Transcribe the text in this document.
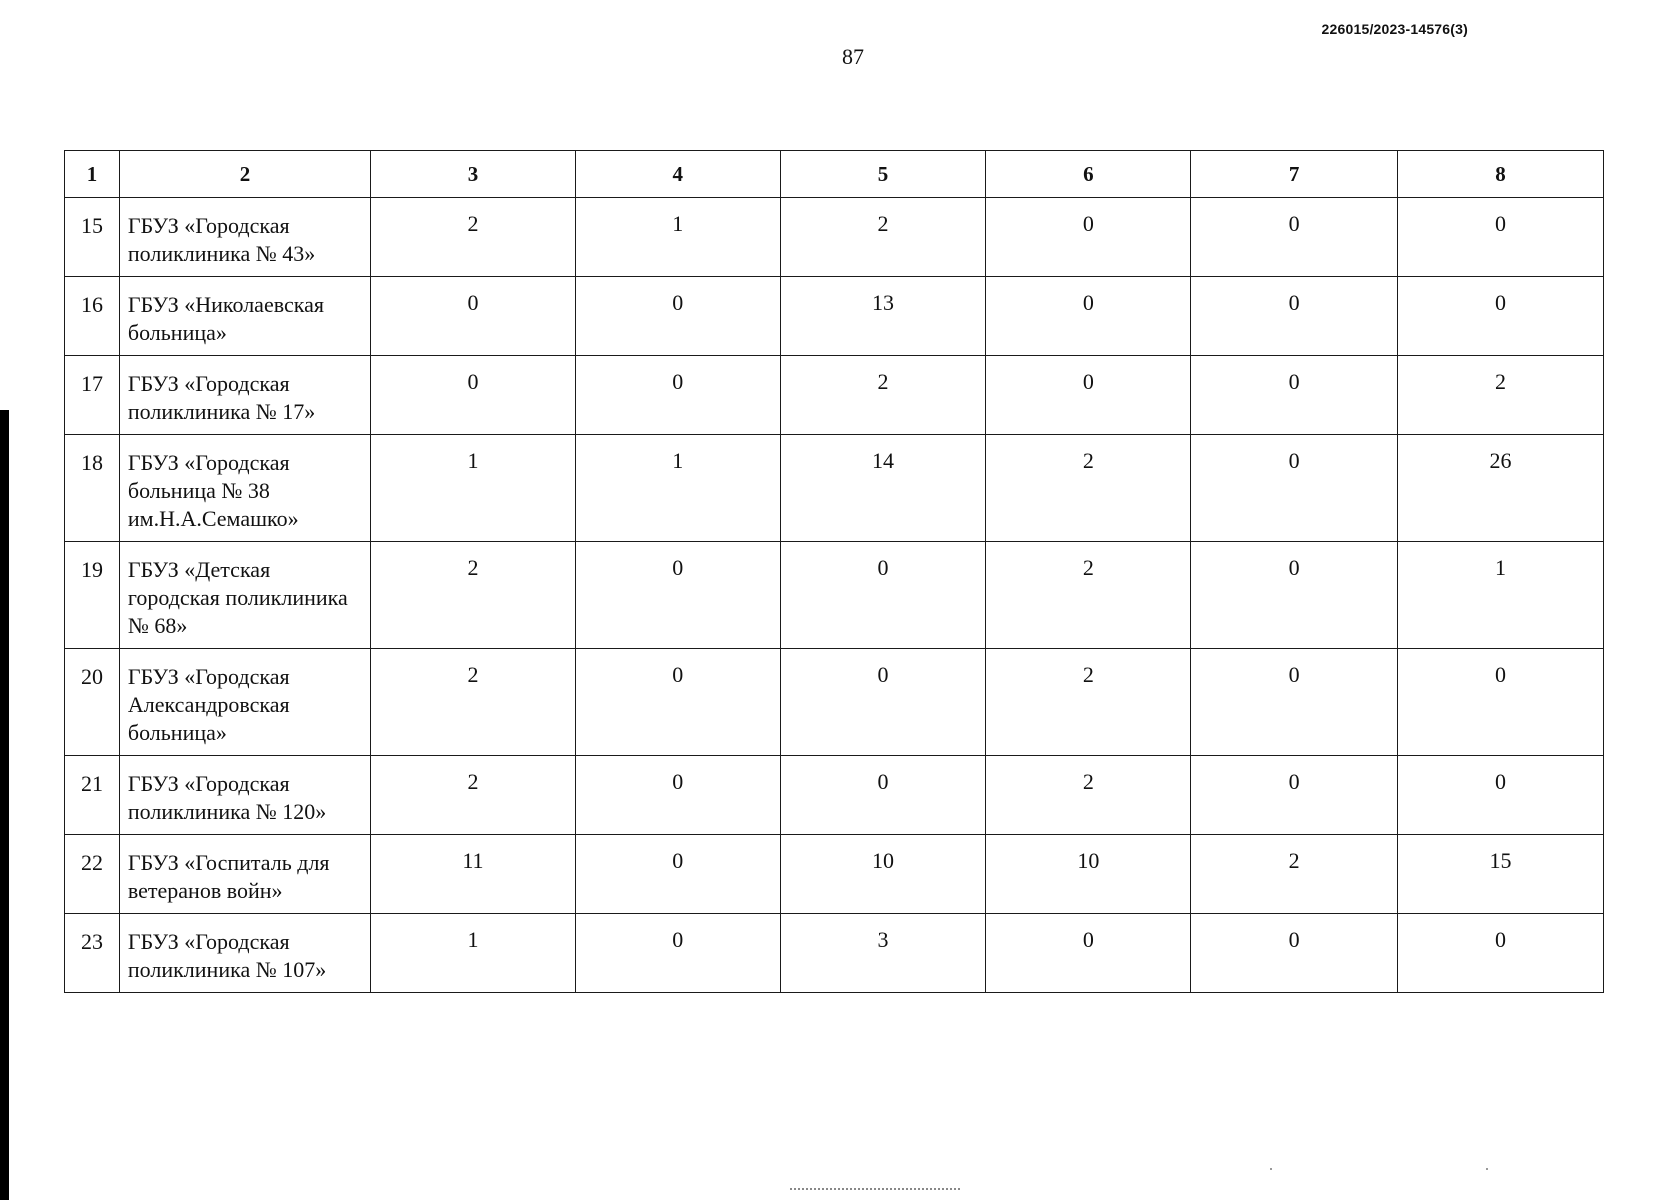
226015/2023-14576(3)
87
1	2	3	4	5	6	7	8
15	ГБУЗ «Городская поликлиника № 43»	2	1	2	0	0	0
16	ГБУЗ «Николаевская больница»	0	0	13	0	0	0
17	ГБУЗ «Городская поликлиника № 17»	0	0	2	0	0	2
18	ГБУЗ «Городская больница № 38 им.Н.А.Семашко»	1	1	14	2	0	26
19	ГБУЗ «Детская городская поликлиника № 68»	2	0	0	2	0	1
20	ГБУЗ «Городская Александровская больница»	2	0	0	2	0	0
21	ГБУЗ «Городская поликлиника № 120»	2	0	0	2	0	0
22	ГБУЗ «Госпиталь для ветеранов войн»	11	0	10	10	2	15
23	ГБУЗ «Городская поликлиника № 107»	1	0	3	0	0	0
